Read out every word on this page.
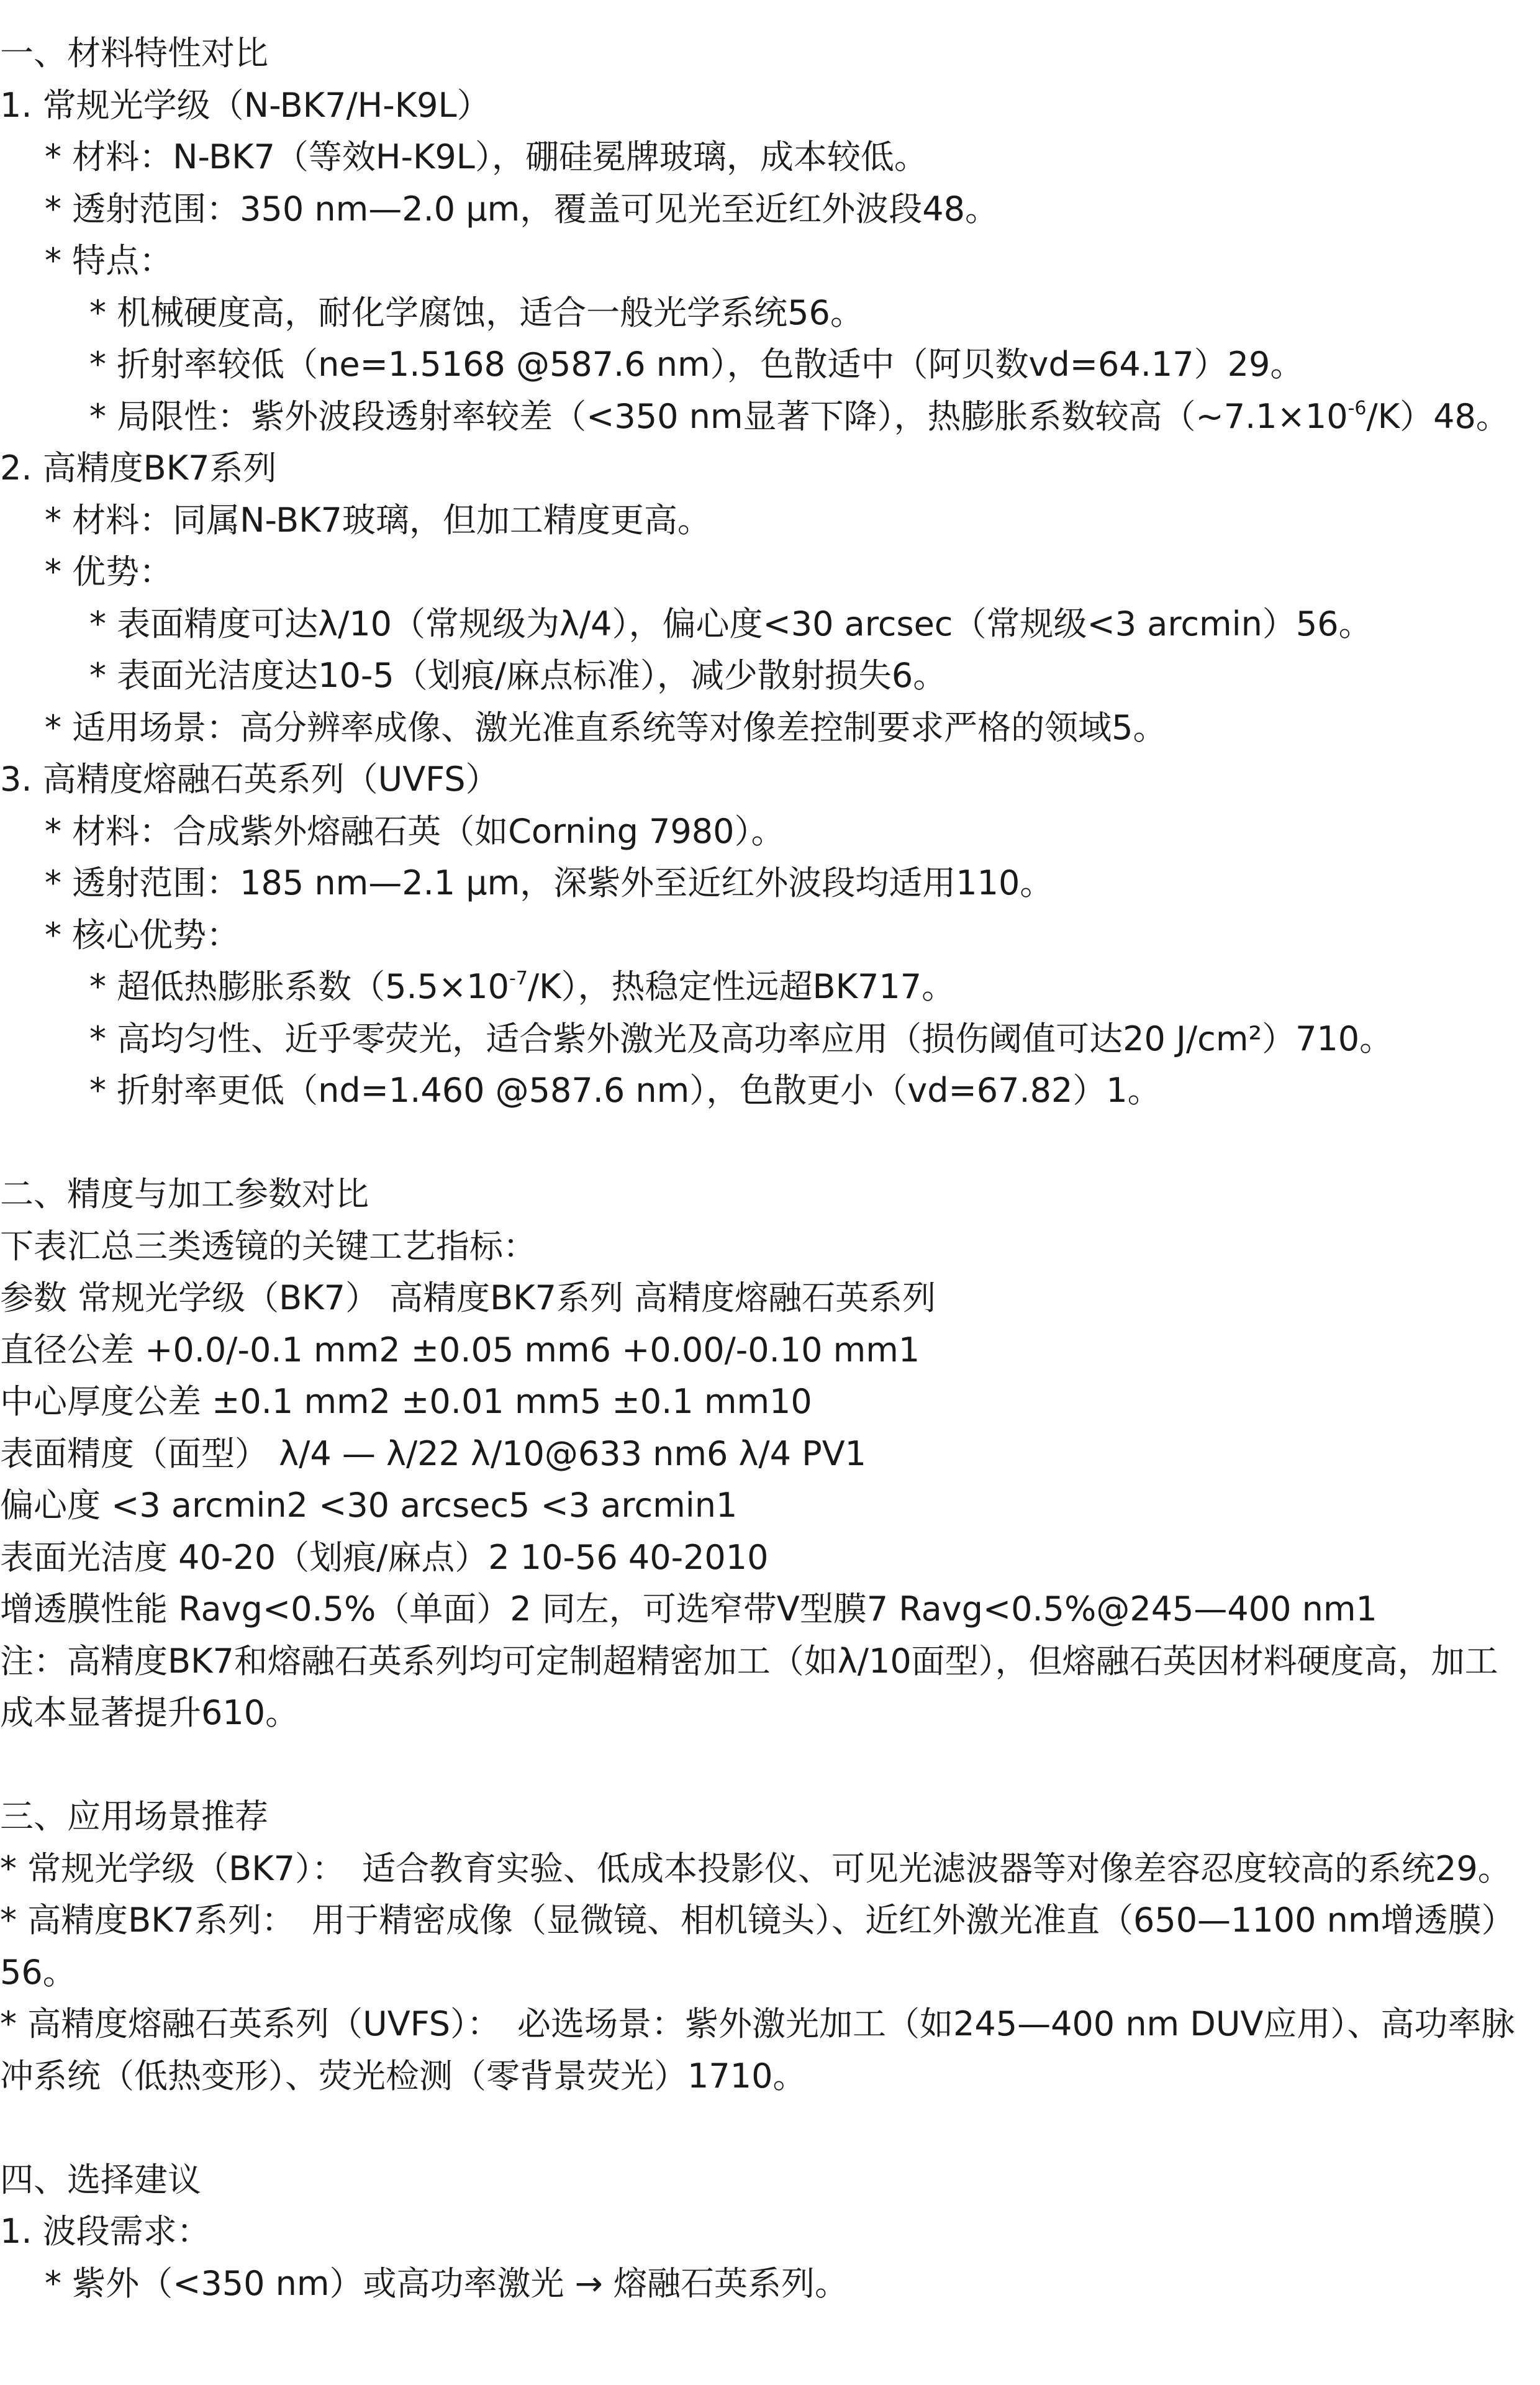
一、材料特性对比
1. 常规光学级（N-BK7/H-K9L）
* 材料：N-BK7（等效H-K9L），硼硅冕牌玻璃，成本较低。
* 透射范围：350 nm—2.0 μm，覆盖可见光至近红外波段48。
* 特点：
* 机械硬度高，耐化学腐蚀，适合一般光学系统56。
* 折射率较低（ne=1.5168 @587.6 nm），色散适中（阿贝数vd=64.17）29。
* 局限性：紫外波段透射率较差（<350 nm显著下降），热膨胀系数较高$(\sim 7.1\times 10^{-6}/K)48$。
2. 高精度BK7系列
* 材料：同属N-BK7玻璃，但加工精度更高。
* 优势：
* 表面精度可达λ/10（常规级为λ/4），偏心度<30 arcsec（常规级<3 arcmin）56。
* 表面光洁度达10-5（划痕/麻点标准），减少散射损失6。
* 适用场景：高分辨率成像、激光准直系统等对像差控制要求严格的领域5。
3. 高精度熔融石英系列（UVFS）
* 材料：合成紫外熔融石英（如Corning 7980）。
* 透射范围：185 nm—2.1 μm，深紫外至近红外波段均适用110。
* 核心优势：
* 超低热膨胀系数$(5.5\times 10^{-7}/K)$，热稳定性远超BK717。
* 高均匀性、近乎零荧光，适合紫外激光及高功率应用（损伤阈值可达20 J/cm²）710。
* 折射率更低（nd=1.460 @587.6 nm），色散更小（vd=67.82）1。
二、精度与加工参数对比
下表汇总三类透镜的关键工艺指标：
参数 常规光学级（BK7） 高精度BK7系列 高精度熔融石英系列
直径公差 +0.0/-0.1 mm2 ±0.05 mm6 +0.00/-0.10 mm1
中心厚度公差 ±0.1 mm2 ±0.01 mm5 ±0.1 mm10
表面精度（面型） λ/4 — λ/22 λ/10@633 nm6 λ/4 PV1
偏心度 <3 arcmin2 <30 arcsec5 <3 arcmin1
表面光洁度 40-20（划痕/麻点）2 10-56 40-2010
增透膜性能 Ravg<0.5%（单面）2 同左，可选窄带V型膜7 Ravg<0.5%@245—400 nm1
注：高精度BK7和熔融石英系列均可定制超精密加工（如λ/10面型），但熔融石英因材料硬度高，加工成本显著提升610。
三、应用场景推荐
* 常规光学级（BK7）：　适合教育实验、低成本投影仪、可见光滤波器等对像差容忍度较高的系统29。
* 高精度BK7系列：　用于精密成像（显微镜、相机镜头）、近红外激光准直（650—1100 nm增透膜）56。
* 高精度熔融石英系列（UVFS）：　必选场景：紫外激光加工（如245—400 nm DUV应用）、高功率脉冲系统（低热变形）、荧光检测（零背景荧光）1710。
四、选择建议
1. 波段需求：
* 紫外（<350 nm）或高功率激光 → 熔融石英系列。
